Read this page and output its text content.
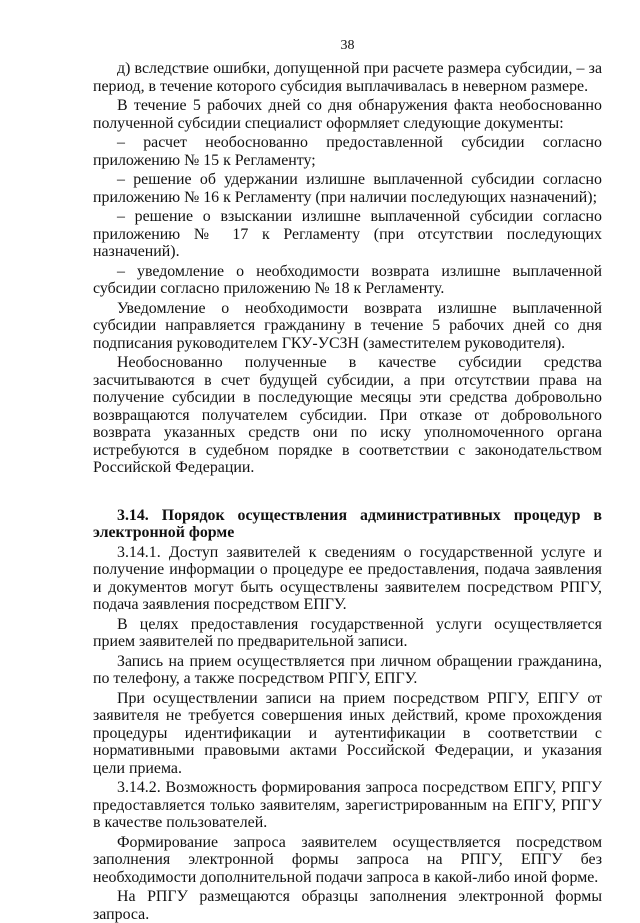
38

д) вследствие ошибки, допущенной при расчете размера субсидии, – за период, в течение которого субсидия выплачивалась в неверном размере.

В течение 5 рабочих дней со дня обнаружения факта необоснованно полученной субсидии специалист оформляет следующие документы:

– расчет необоснованно предоставленной субсидии согласно приложению № 15 к Регламенту;

– решение об удержании излишне выплаченной субсидии согласно приложению № 16 к Регламенту (при наличии последующих назначений);

– решение о взыскании излишне выплаченной субсидии согласно приложению № 17 к Регламенту (при отсутствии последующих назначений).

– уведомление о необходимости возврата излишне выплаченной субсидии согласно приложению № 18 к Регламенту.

Уведомление о необходимости возврата излишне выплаченной субсидии направляется гражданину в течение 5 рабочих дней со дня подписания руководителем ГКУ-УСЗН (заместителем руководителя).

Необоснованно полученные в качестве субсидии средства засчитываются в счет будущей субсидии, а при отсутствии права на получение субсидии в последующие месяцы эти средства добровольно возвращаются получателем субсидии. При отказе от добровольного возврата указанных средств они по иску уполномоченного органа истребуются в судебном порядке в соответствии с законодательством Российской Федерации.

3.14. Порядок осуществления административных процедур в электронной форме

3.14.1. Доступ заявителей к сведениям о государственной услуге и получение информации о процедуре ее предоставления, подача заявления и документов могут быть осуществлены заявителем посредством РПГУ, подача заявления посредством ЕПГУ.

В целях предоставления государственной услуги осуществляется прием заявителей по предварительной записи.

Запись на прием осуществляется при личном обращении гражданина, по телефону, а также посредством РПГУ, ЕПГУ.

При осуществлении записи на прием посредством РПГУ, ЕПГУ от заявителя не требуется совершения иных действий, кроме прохождения процедуры идентификации и аутентификации в соответствии с нормативными правовыми актами Российской Федерации, и указания цели приема.

3.14.2. Возможность формирования запроса посредством ЕПГУ, РПГУ предоставляется только заявителям, зарегистрированным на ЕПГУ, РПГУ в качестве пользователей.

Формирование запроса заявителем осуществляется посредством заполнения электронной формы запроса на РПГУ, ЕПГУ без необходимости дополнительной подачи запроса в какой-либо иной форме.

На РПГУ размещаются образцы заполнения электронной формы запроса.
